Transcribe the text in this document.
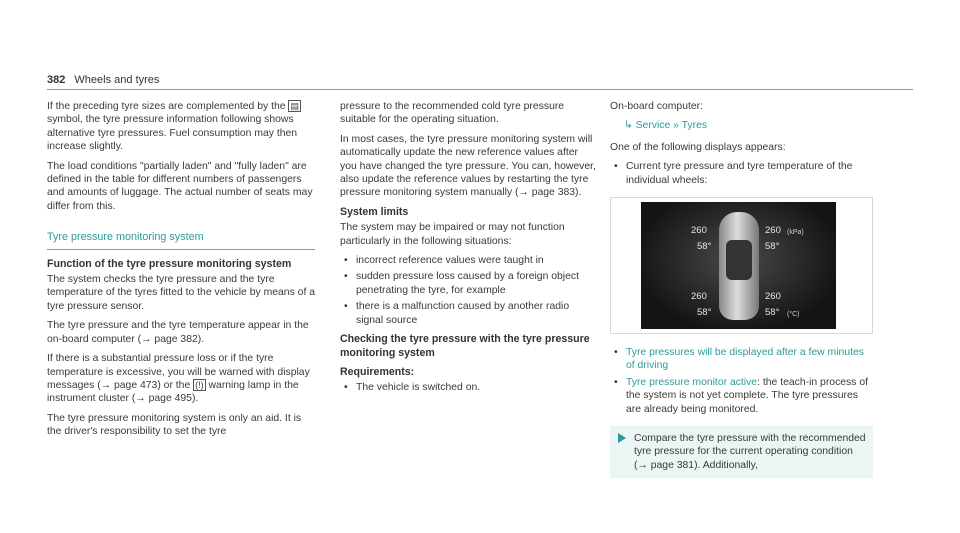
382 Wheels and tyres

If the preceding tyre sizes are complemented by the ▤ symbol, the tyre pressure information following shows alternative tyre pressures. Fuel consumption may then increase slightly.

The load conditions "partially laden" and "fully laden" are defined in the table for different numbers of passengers and amounts of luggage. The actual number of seats may differ from this.

Tyre pressure monitoring system
Function of the tyre pressure monitoring system

The system checks the tyre pressure and the tyre temperature of the tyres fitted to the vehicle by means of a tyre pressure sensor.

The tyre pressure and the tyre temperature appear in the on-board computer (→ page 382).

If there is a substantial pressure loss or if the tyre temperature is excessive, you will be warned with display messages (→ page 473) or the (!) warning lamp in the instrument cluster (→ page 495).

The tyre pressure monitoring system is only an aid. It is the driver's responsibility to set the tyre

pressure to the recommended cold tyre pressure suitable for the operating situation.

In most cases, the tyre pressure monitoring system will automatically update the new reference values after you have changed the tyre pressure. You can, however, also update the reference values by restarting the tyre pressure monitoring system manually (→ page 383).

System limits

The system may be impaired or may not function particularly in the following situations:

• incorrect reference values were taught in
• sudden pressure loss caused by a foreign object penetrating the tyre, for example
• there is a malfunction caused by another radio signal source
Checking the tyre pressure with the tyre pressure monitoring system
Requirements:
• The vehicle is switched on.

On-board computer:

↳ Service » Tyres

One of the following displays appears:

• Current tyre pressure and tyre temperature of the individual wheels:
260
58°
260 (kPa)
58°
260
58°
260
58° (°C)
• Tyre pressures will be displayed after a few minutes of driving
• Tyre pressure monitor active: the teach-in process of the system is not yet complete. The tyre pressures are already being monitored.
Compare the tyre pressure with the recommended tyre pressure for the current operating condition (→ page 381). Additionally,
